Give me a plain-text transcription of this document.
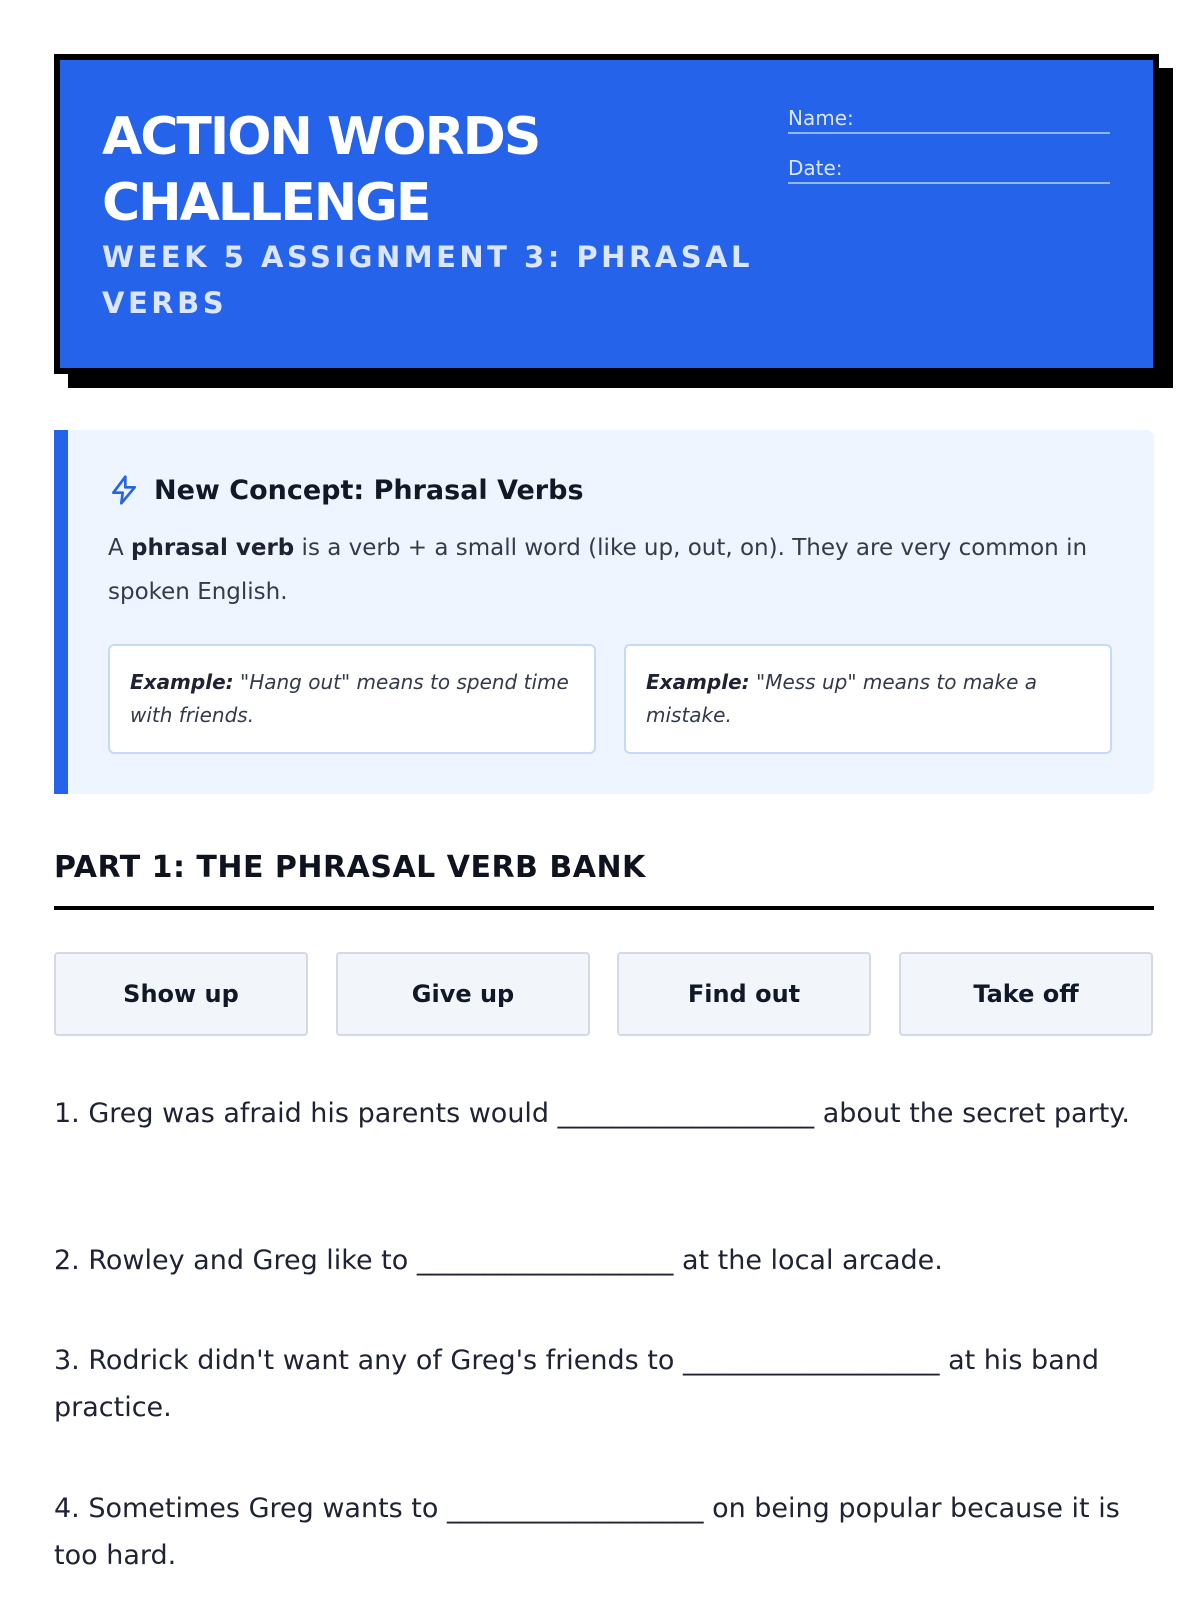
ACTION WORDS CHALLENGE
WEEK 5 ASSIGNMENT 3: PHRASAL VERBS
Name:
Date:
New Concept: Phrasal Verbs

A phrasal verb is a verb + a small word (like up, out, on). They are very common in spoken English.

Example: "Hang out" means to spend time with friends.
Example: "Mess up" means to make a mistake.
PART 1: THE PHRASAL VERB BANK
Show up	Give up	Find out	Take off

1. Greg was afraid his parents would ___________________ about the secret party.

2. Rowley and Greg like to ___________________ at the local arcade.

3. Rodrick didn't want any of Greg's friends to ___________________ at his band practice.

4. Sometimes Greg wants to ___________________ on being popular because it is too hard.
